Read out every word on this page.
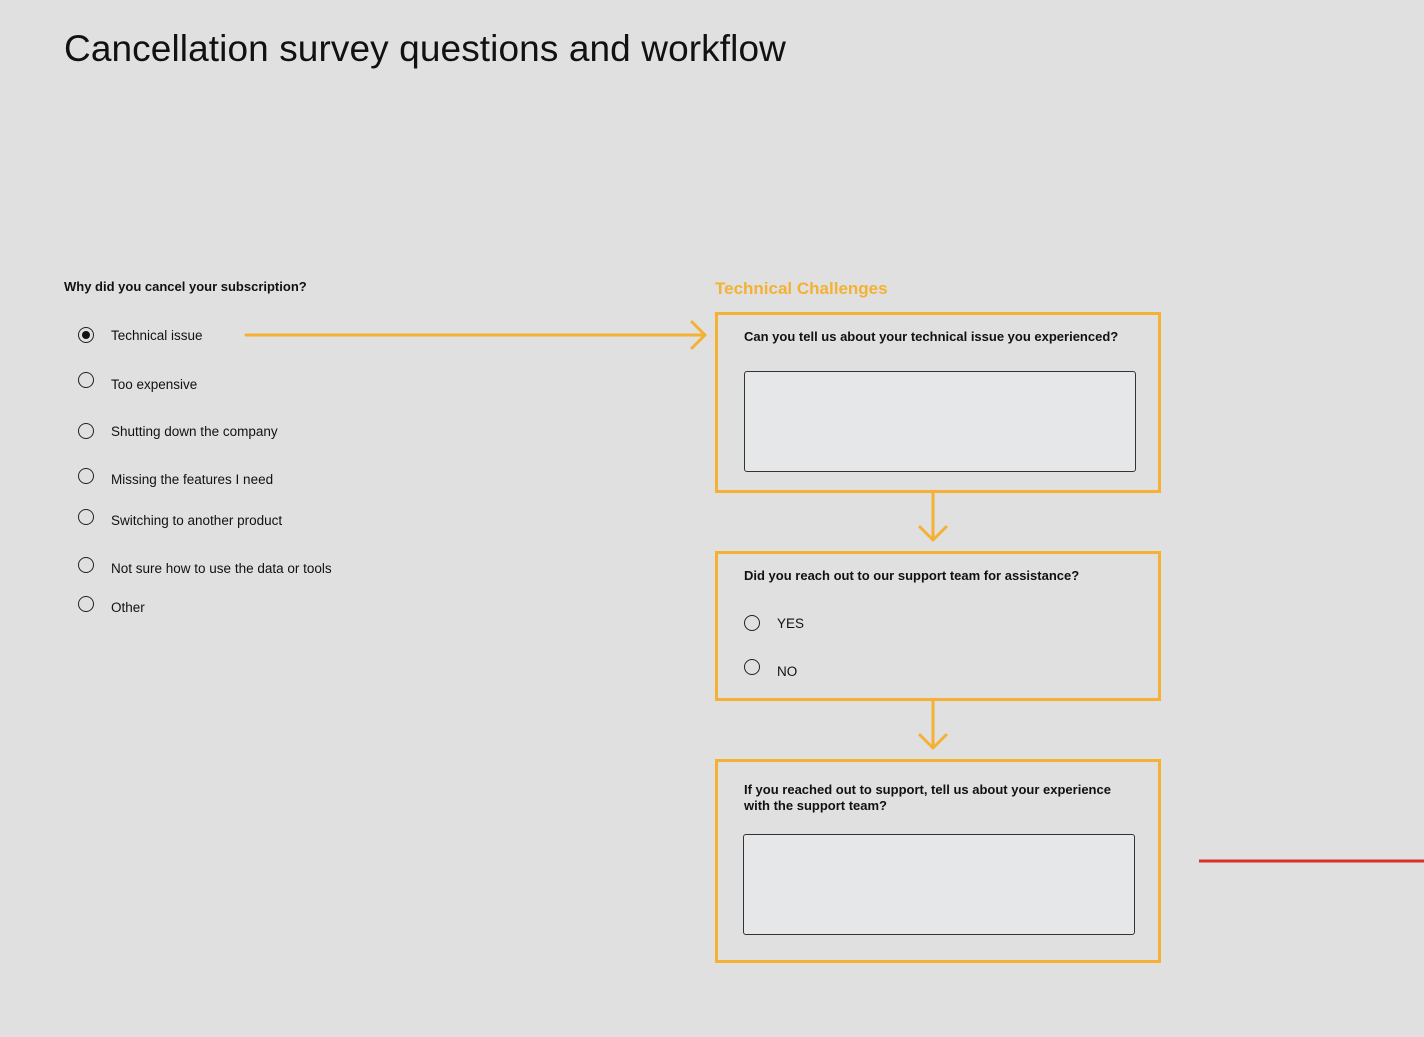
Cancellation survey questions and workflow
Why did you cancel your subscription?
Technical issue
Too expensive
Shutting down the company
Missing the features I need
Switching to another product
Not sure how to use the data or tools
Other
Technical Challenges
Can you tell us about your technical issue you experienced?
Did you reach out to our support team for assistance?
YES
NO
If you reached out to support, tell us about your experience
with the support team?
